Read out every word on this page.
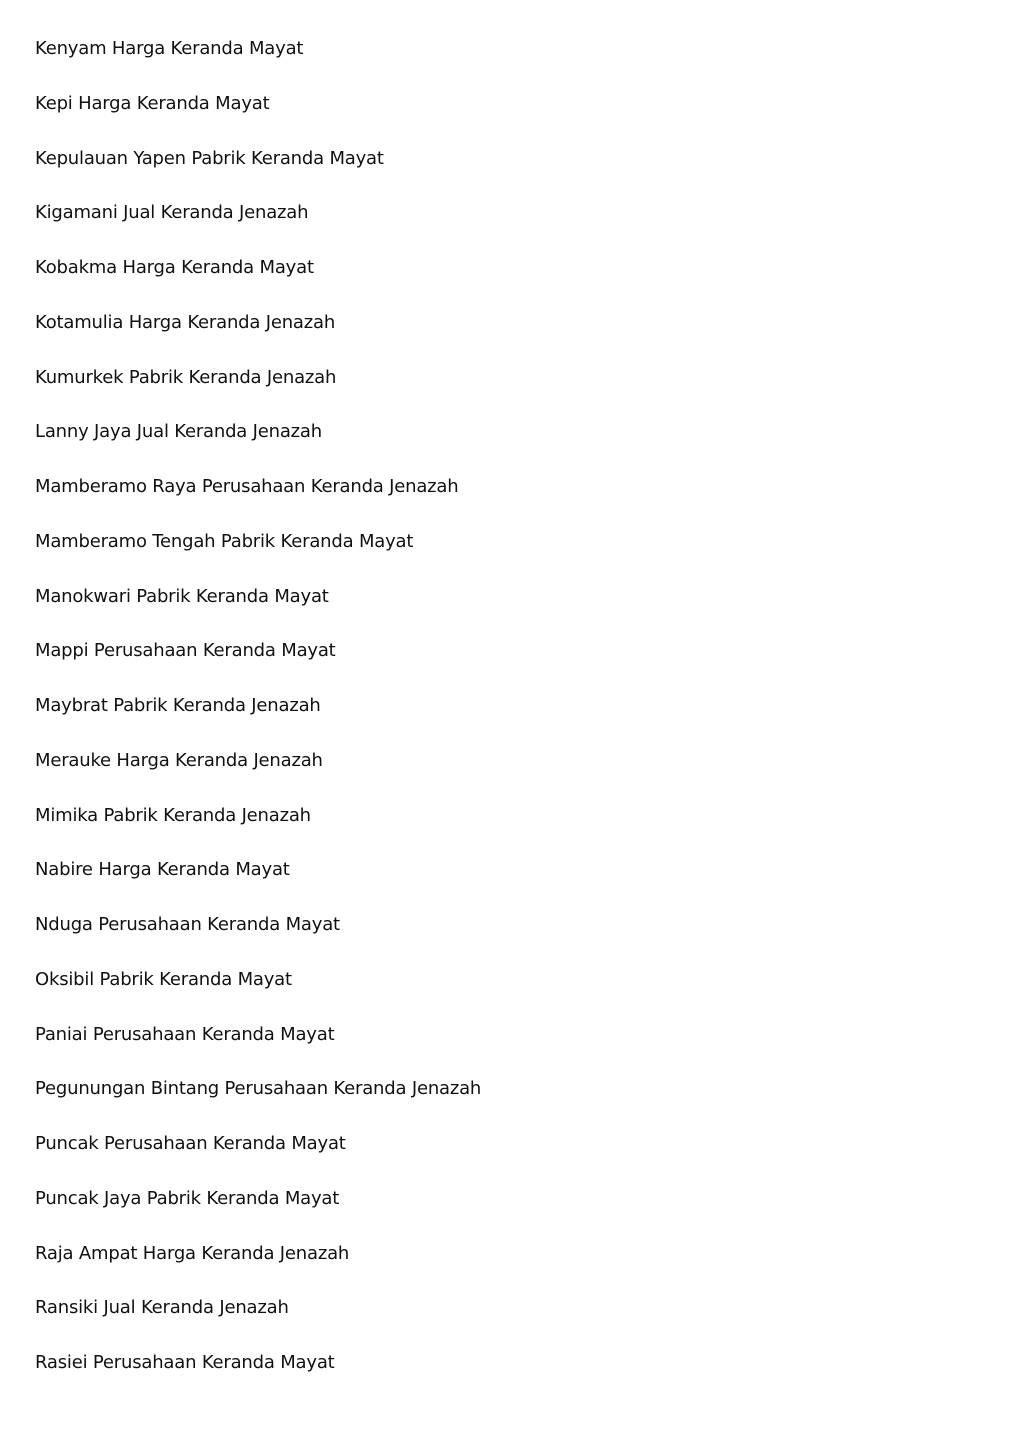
Kenyam Harga Keranda Mayat
Kepi Harga Keranda Mayat
Kepulauan Yapen Pabrik Keranda Mayat
Kigamani Jual Keranda Jenazah
Kobakma Harga Keranda Mayat
Kotamulia Harga Keranda Jenazah
Kumurkek Pabrik Keranda Jenazah
Lanny Jaya Jual Keranda Jenazah
Mamberamo Raya Perusahaan Keranda Jenazah
Mamberamo Tengah Pabrik Keranda Mayat
Manokwari Pabrik Keranda Mayat
Mappi Perusahaan Keranda Mayat
Maybrat Pabrik Keranda Jenazah
Merauke Harga Keranda Jenazah
Mimika Pabrik Keranda Jenazah
Nabire Harga Keranda Mayat
Nduga Perusahaan Keranda Mayat
Oksibil Pabrik Keranda Mayat
Paniai Perusahaan Keranda Mayat
Pegunungan Bintang Perusahaan Keranda Jenazah
Puncak Perusahaan Keranda Mayat
Puncak Jaya Pabrik Keranda Mayat
Raja Ampat Harga Keranda Jenazah
Ransiki Jual Keranda Jenazah
Rasiei Perusahaan Keranda Mayat
